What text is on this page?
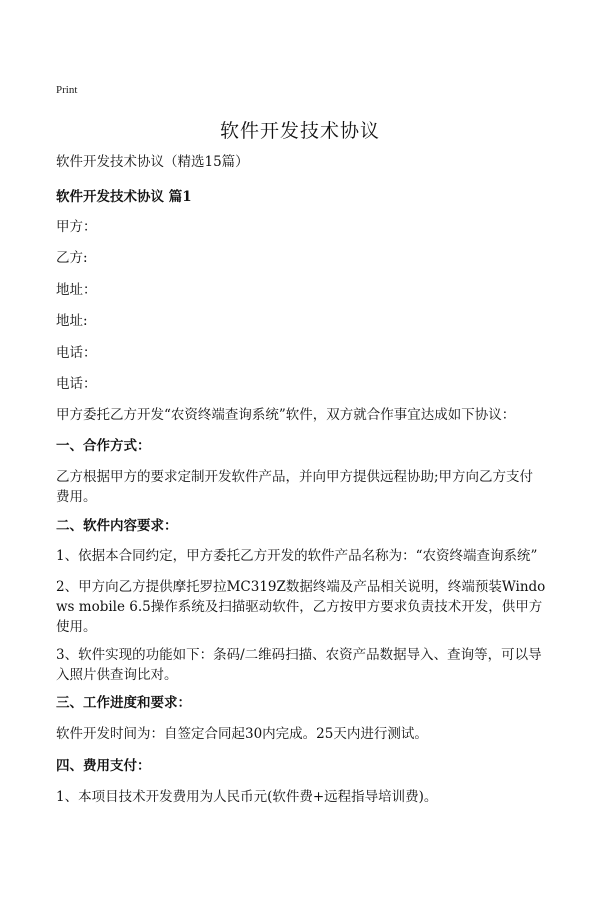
Print
软件开发技术协议

软件开发技术协议（精选15篇）

软件开发技术协议 篇1

甲方：

乙方:

地址：

地址:

电话：

电话：

甲方委托乙方开发“农资终端查询系统”软件，双方就合作事宜达成如下协议：

一、合作方式：

乙方根据甲方的要求定制开发软件产品，并向甲方提供远程协助;甲方向乙方支付费用。

二、软件内容要求：

1、依据本合同约定，甲方委托乙方开发的软件产品名称为：“农资终端查询系统”

2、甲方向乙方提供摩托罗拉MC319Z数据终端及产品相关说明，终端预装Windows mobile 6.5操作系统及扫描驱动软件，乙方按甲方要求负责技术开发，供甲方使用。

3、软件实现的功能如下：条码/二维码扫描、农资产品数据导入、查询等，可以导入照片供查询比对。

三、工作进度和要求：

软件开发时间为：自签定合同起30内完成。25天内进行测试。

四、费用支付：

1、本项目技术开发费用为人民币元(软件费+远程指导培训费)。
